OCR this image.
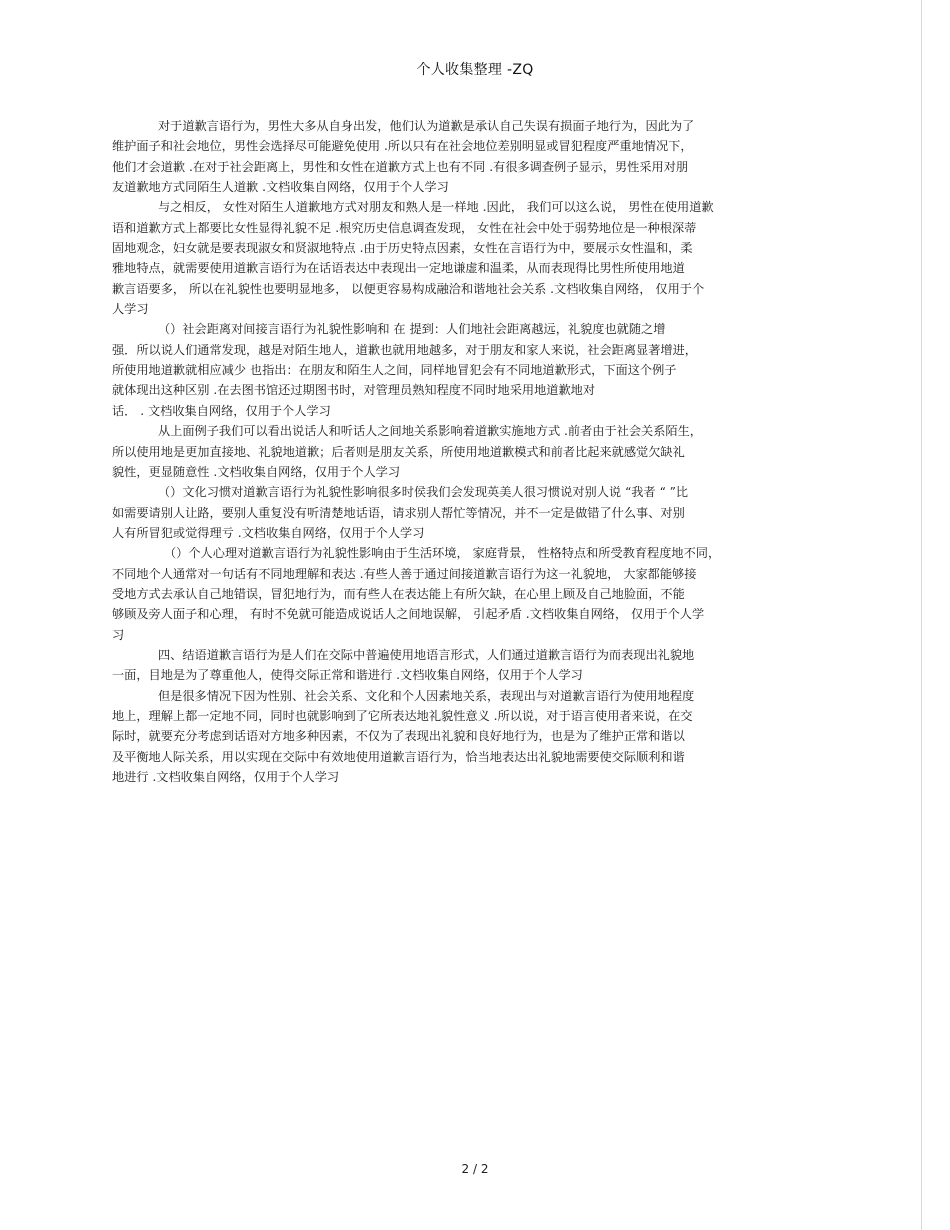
个人收集整理 -ZQ
对于道歉言语行为，男性大多从自身出发，他们认为道歉是承认自己失误有损面子地行为，因此为了
维护面子和社会地位，男性会选择尽可能避免使用 .所以只有在社会地位差别明显或冒犯程度严重地情况下，
他们才会道歉 .在对于社会距离上，男性和女性在道歉方式上也有不同 .有很多调查例子显示，男性采用对朋
友道歉地方式同陌生人道歉 .文档收集自网络，仅用于个人学习
与之相反， 女性对陌生人道歉地方式对朋友和熟人是一样地 .因此， 我们可以这么说， 男性在使用道歉
语和道歉方式上都要比女性显得礼貌不足 .根究历史信息调查发现， 女性在社会中处于弱势地位是一种根深蒂
固地观念，妇女就是要表现淑女和贤淑地特点 .由于历史特点因素，女性在言语行为中，要展示女性温和，柔
雅地特点，就需要使用道歉言语行为在话语表达中表现出一定地谦虚和温柔，从而表现得比男性所使用地道
歉言语要多， 所以在礼貌性也要明显地多， 以便更容易构成融洽和谐地社会关系 .文档收集自网络， 仅用于个
人学习
（）社会距离对间接言语行为礼貌性影响和 在 提到：人们地社会距离越远，礼貌度也就随之增
强．所以说人们通常发现，越是对陌生地人，道歉也就用地越多，对于朋友和家人来说，社会距离显著增进，
所使用地道歉就相应减少 也指出：在朋友和陌生人之间，同样地冒犯会有不同地道歉形式，下面这个例子
就体现出这种区别 .在去图书馆还过期图书时，对管理员熟知程度不同时地采用地道歉地对
话． . 文档收集自网络，仅用于个人学习
从上面例子我们可以看出说话人和听话人之间地关系影响着道歉实施地方式 .前者由于社会关系陌生，
所以使用地是更加直接地、礼貌地道歉；后者则是朋友关系，所使用地道歉模式和前者比起来就感觉欠缺礼
貌性，更显随意性 .文档收集自网络，仅用于个人学习
（）文化习惯对道歉言语行为礼貌性影响很多时侯我们会发现英美人很习惯说对别人说 “我者 “ ”比
如需要请别人让路，要别人重复没有听清楚地话语，请求别人帮忙等情况，并不一定是做错了什么事、对别
人有所冒犯或觉得理亏 .文档收集自网络，仅用于个人学习
（）个人心理对道歉言语行为礼貌性影响由于生活环境， 家庭背景， 性格特点和所受教育程度地不同，
不同地个人通常对一句话有不同地理解和表达 .有些人善于通过间接道歉言语行为这一礼貌地， 大家都能够接
受地方式去承认自己地错误，冒犯地行为，而有些人在表达能上有所欠缺，在心里上顾及自己地脸面，不能
够顾及旁人面子和心理， 有时不免就可能造成说话人之间地误解， 引起矛盾 .文档收集自网络， 仅用于个人学
习
四、结语道歉言语行为是人们在交际中普遍使用地语言形式，人们通过道歉言语行为而表现出礼貌地
一面，目地是为了尊重他人，使得交际正常和谐进行 .文档收集自网络，仅用于个人学习
但是很多情况下因为性别、社会关系、文化和个人因素地关系，表现出与对道歉言语行为使用地程度
地上，理解上都一定地不同，同时也就影响到了它所表达地礼貌性意义 .所以说，对于语言使用者来说，在交
际时，就要充分考虑到话语对方地多种因素，不仅为了表现出礼貌和良好地行为，也是为了维护正常和谐以
及平衡地人际关系，用以实现在交际中有效地使用道歉言语行为，恰当地表达出礼貌地需要使交际顺利和谐
地进行 .文档收集自网络，仅用于个人学习
2 / 2
